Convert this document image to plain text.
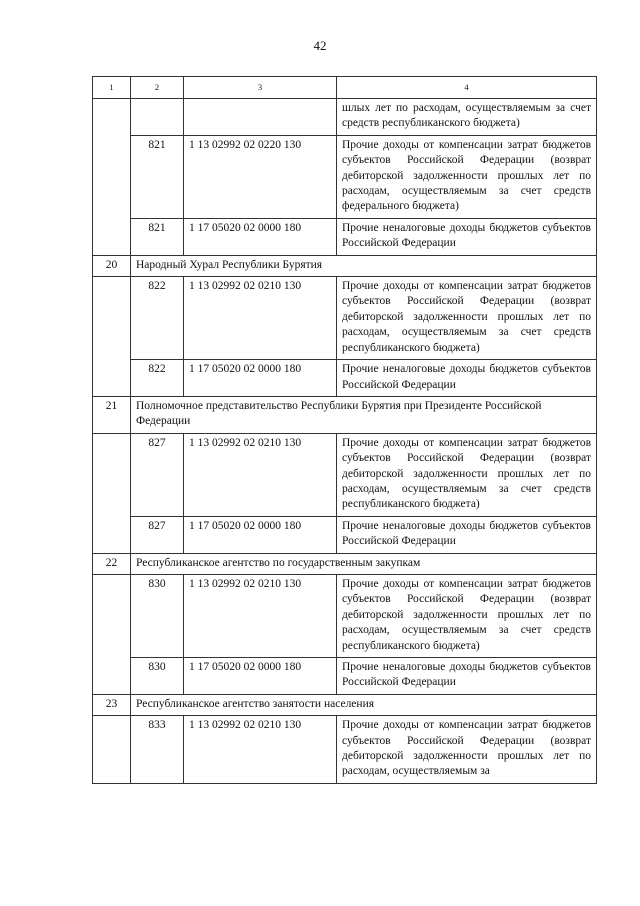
42
1	2	3	4
			шлых лет по расходам, осуществляемым за счет средств республиканского бюджета)
	821	1 13 02992 02 0220 130	Прочие доходы от компенсации затрат бюджетов субъектов Российской Федерации (возврат дебиторской задолженности прошлых лет по расходам, осуществляемым за счет средств федерального бюджета)
	821	1 17 05020 02 0000 180	Прочие неналоговые доходы бюджетов субъектов Российской Федерации
20	Народный Хурал Республики Бурятия		
	822	1 13 02992 02 0210 130	Прочие доходы от компенсации затрат бюджетов субъектов Российской Федерации (возврат дебиторской задолженности прошлых лет по расходам, осуществляемым за счет средств республиканского бюджета)
	822	1 17 05020 02 0000 180	Прочие неналоговые доходы бюджетов субъектов Российской Федерации
21	Полномочное представительство Республики Бурятия при Президенте Российской Федерации		
	827	1 13 02992 02 0210 130	Прочие доходы от компенсации затрат бюджетов субъектов Российской Федерации (возврат дебиторской задолженности прошлых лет по расходам, осуществляемым за счет средств республиканского бюджета)
	827	1 17 05020 02 0000 180	Прочие неналоговые доходы бюджетов субъектов Российской Федерации
22	Республиканское агентство по государственным закупкам		
	830	1 13 02992 02 0210 130	Прочие доходы от компенсации затрат бюджетов субъектов Российской Федерации (возврат дебиторской задолженности прошлых лет по расходам, осуществляемым за счет средств республиканского бюджета)
	830	1 17 05020 02 0000 180	Прочие неналоговые доходы бюджетов субъектов Российской Федерации
23	Республиканское агентство занятости населения		
	833	1 13 02992 02 0210 130	Прочие доходы от компенсации затрат бюджетов субъектов Российской Федерации (возврат дебиторской задолженности прошлых лет по расходам, осуществляемым за
